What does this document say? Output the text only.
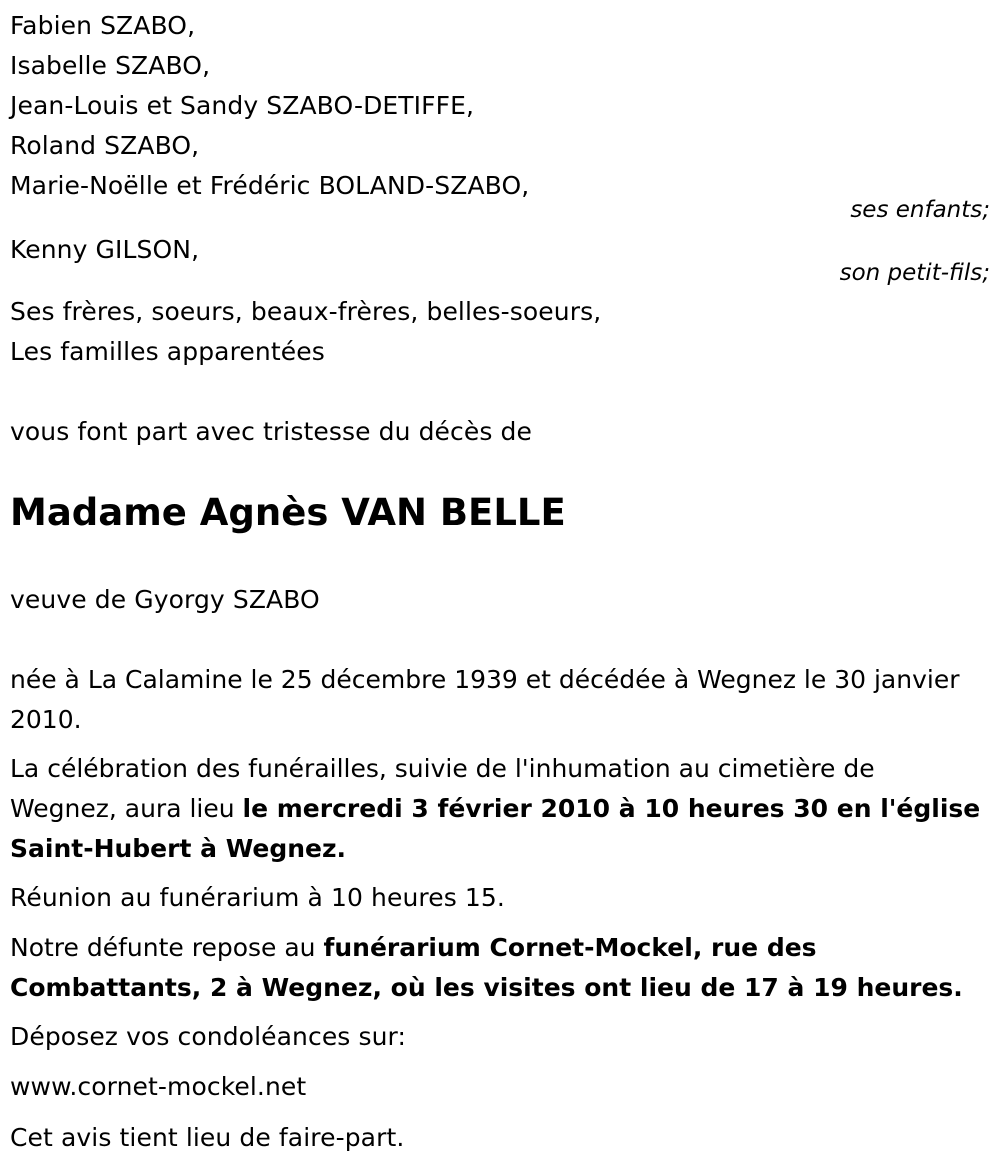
Fabien SZABO,
Isabelle SZABO,
Jean-Louis et Sandy SZABO-DETIFFE,
Roland SZABO,
Marie-Noëlle et Frédéric BOLAND-SZABO,
ses enfants;
Kenny GILSON,
son petit-fils;
Ses frères, soeurs, beaux-frères, belles-soeurs,
Les familles apparentées
vous font part avec tristesse du décès de
Madame Agnès VAN BELLE
veuve de Gyorgy SZABO
née à La Calamine le 25 décembre 1939 et décédée à Wegnez le 30 janvier 2010.
La célébration des funérailles, suivie de l'inhumation au cimetière de Wegnez, aura lieu le mercredi 3 février 2010 à 10 heures 30 en l'église Saint-Hubert à Wegnez.
Réunion au funérarium à 10 heures 15.
Notre défunte repose au funérarium Cornet-Mockel, rue des Combattants, 2 à Wegnez, où les visites ont lieu de 17 à 19 heures.
Déposez vos condoléances sur:
www.cornet-mockel.net
Cet avis tient lieu de faire-part.
